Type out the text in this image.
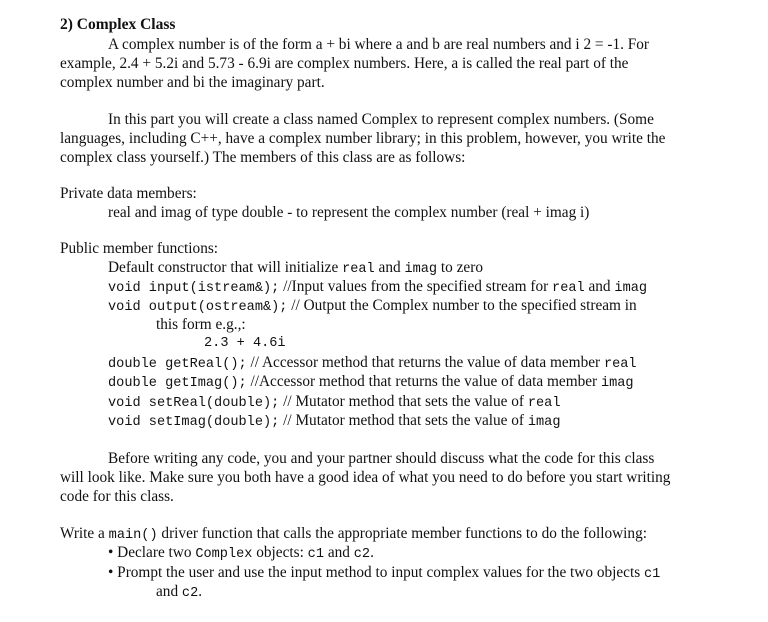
2) Complex Class
A complex number is of the form a + bi where a and b are real numbers and i 2 = -1. For
example, 2.4 + 5.2i and 5.73 - 6.9i are complex numbers. Here, a is called the real part of the
complex number and bi the imaginary part.
In this part you will create a class named Complex to represent complex numbers. (Some
languages, including C++, have a complex number library; in this problem, however, you write the
complex class yourself.) The members of this class are as follows:
Private data members:
real and imag of type double - to represent the complex number (real + imag i)
Public member functions:
Default constructor that will initialize real and imag to zero
void input(istream&); //Input values from the specified stream for real and imag
void output(ostream&); // Output the Complex number to the specified stream in
this form e.g.,:
2.3 + 4.6i
double getReal(); // Accessor method that returns the value of data member real
double getImag(); //Accessor method that returns the value of data member imag
void setReal(double); // Mutator method that sets the value of real
void setImag(double); // Mutator method that sets the value of imag
Before writing any code, you and your partner should discuss what the code for this class
will look like. Make sure you both have a good idea of what you need to do before you start writing
code for this class.
Write a main() driver function that calls the appropriate member functions to do the following:
• Declare two Complex objects: c1 and c2.
• Prompt the user and use the input method to input complex values for the two objects c1
and c2.
